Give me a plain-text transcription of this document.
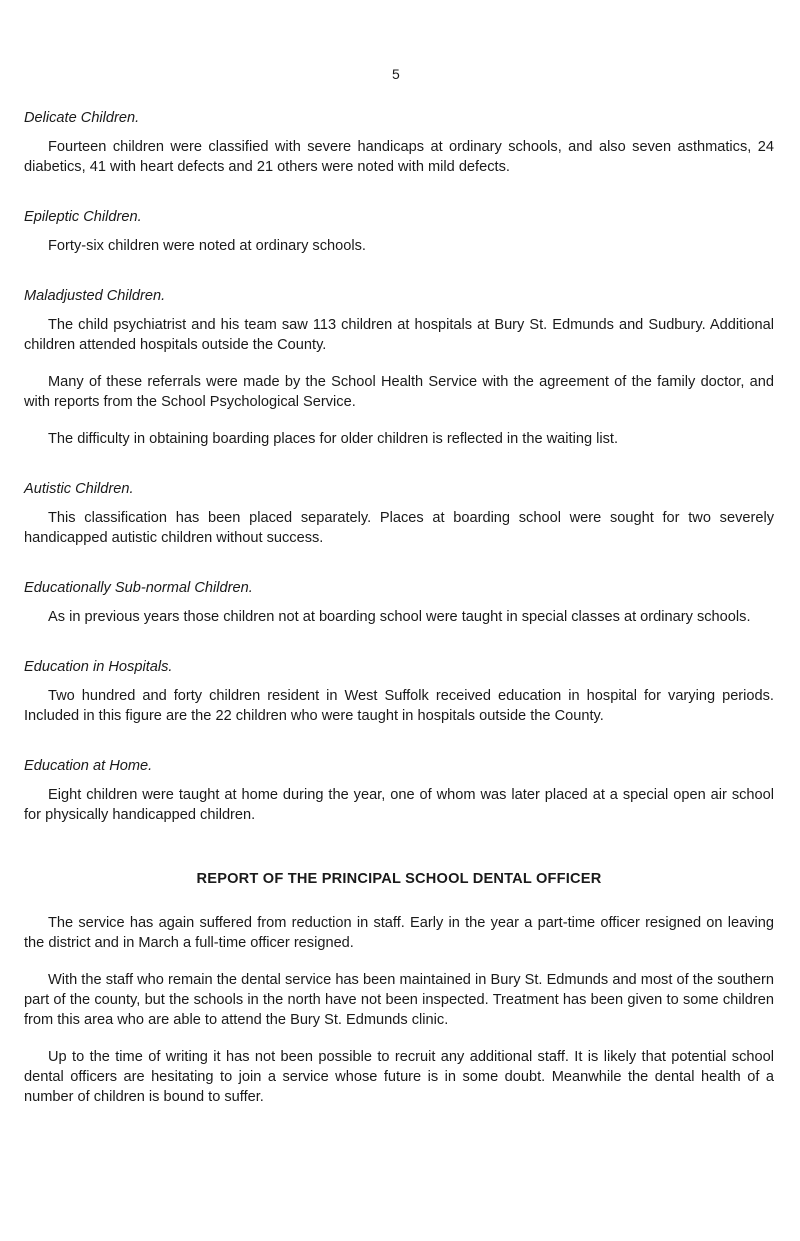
5
Delicate Children.

Fourteen children were classified with severe handicaps at ordinary schools, and also seven asthmatics, 24 diabetics, 41 with heart defects and 21 others were noted with mild defects.

Epileptic Children.

Forty-six children were noted at ordinary schools.

Maladjusted Children.

The child psychiatrist and his team saw 113 children at hospitals at Bury St. Edmunds and Sudbury. Additional children attended hospitals outside the County.

Many of these referrals were made by the School Health Service with the agreement of the family doctor, and with reports from the School Psychological Service.

The difficulty in obtaining boarding places for older children is reflected in the waiting list.

Autistic Children.

This classification has been placed separately. Places at boarding school were sought for two severely handicapped autistic children without success.

Educationally Sub-normal Children.

As in previous years those children not at boarding school were taught in special classes at ordinary schools.

Education in Hospitals.

Two hundred and forty children resident in West Suffolk received education in hospital for varying periods. Included in this figure are the 22 children who were taught in hospitals outside the County.

Education at Home.

Eight children were taught at home during the year, one of whom was later placed at a special open air school for physically handicapped children.

REPORT OF THE PRINCIPAL SCHOOL DENTAL OFFICER

The service has again suffered from reduction in staff. Early in the year a part-time officer resigned on leaving the district and in March a full-time officer resigned.

With the staff who remain the dental service has been maintained in Bury St. Edmunds and most of the southern part of the county, but the schools in the north have not been inspected. Treatment has been given to some children from this area who are able to attend the Bury St. Edmunds clinic.

Up to the time of writing it has not been possible to recruit any additional staff. It is likely that potential school dental officers are hesitating to join a service whose future is in some doubt. Meanwhile the dental health of a number of children is bound to suffer.
